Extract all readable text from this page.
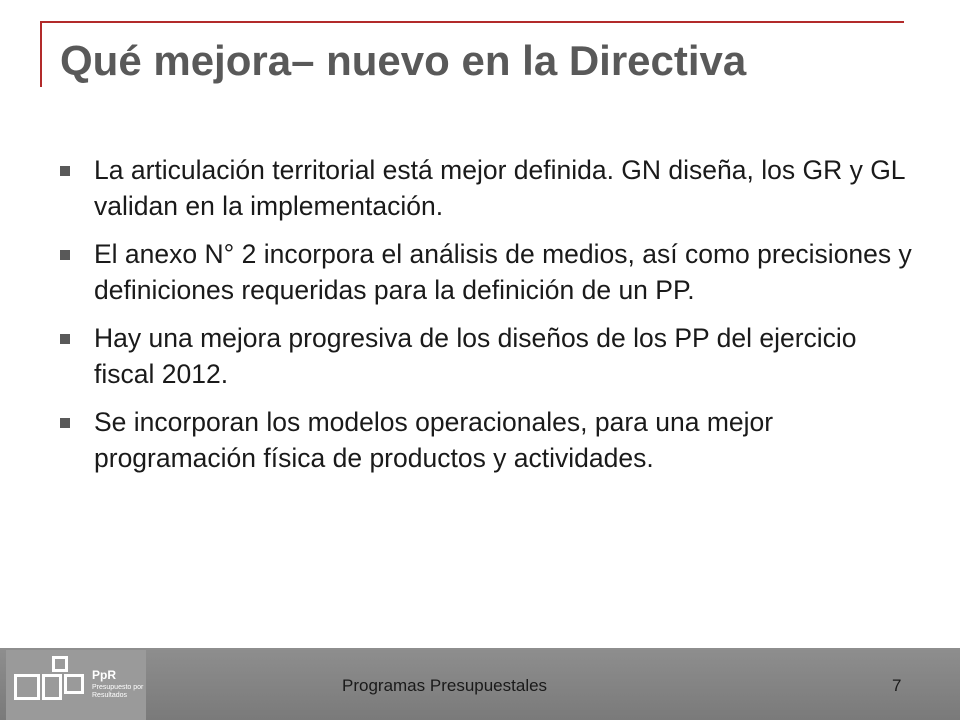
Qué mejora– nuevo en la Directiva
La articulación territorial está mejor definida. GN diseña, los GR y GL validan en la implementación.
El anexo N° 2 incorpora el análisis de medios, así como precisiones y definiciones requeridas para la definición de un PP.
Hay una mejora progresiva de los diseños de los PP del ejercicio fiscal 2012.
Se incorporan los modelos operacionales, para una mejor programación física de productos y actividades.
PpR
Presupuesto por Resultados
Programas Presupuestales	7
